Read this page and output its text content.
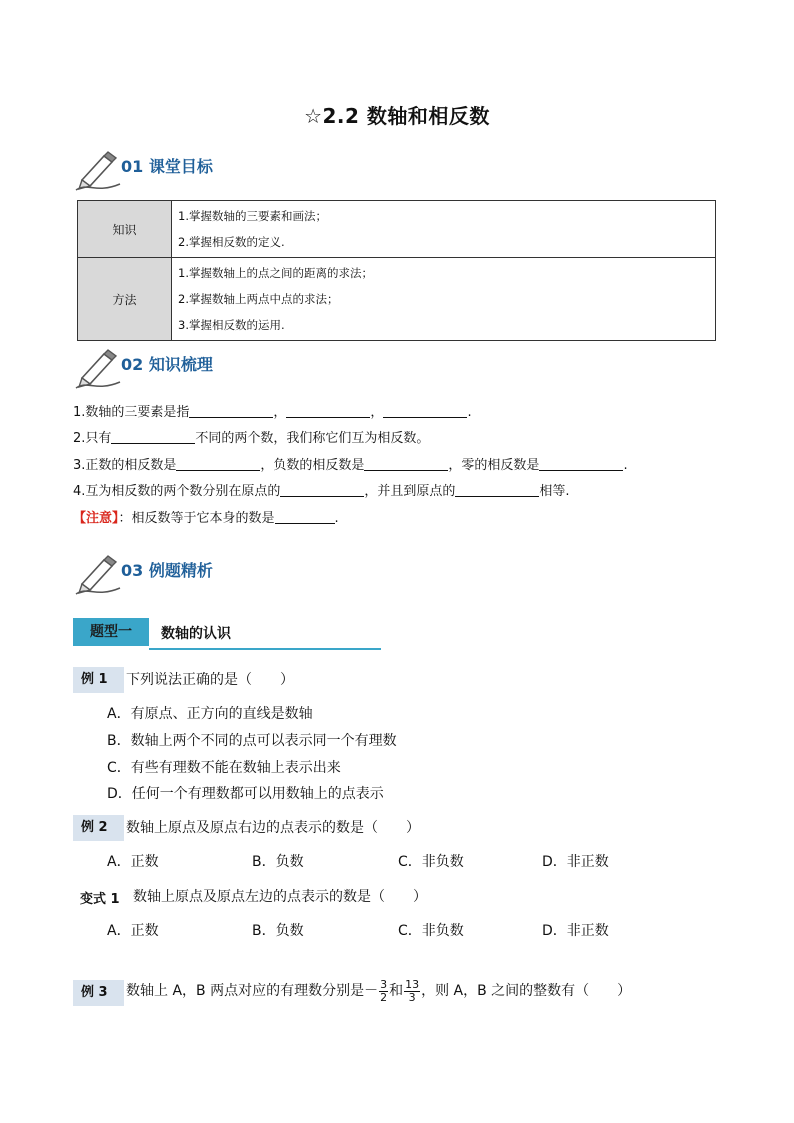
☆2.2 数轴和相反数
01 课堂目标
知识	1.掌握数轴的三要素和画法；
2.掌握相反数的定义.

方法	1.掌握数轴上的点之间的距离的求法；
2.掌握数轴上两点中点的求法；
3.掌握相反数的运用.
02 知识梳理
1.数轴的三要素是指	，	，	.
2.只有	不同的两个数，我们称它们互为相反数。
3.正数的相反数是	，负数的相反数是	，零的相反数是	.
4.互为相反数的两个数分别在原点的	，并且到原点的	相等.
【注意】：相反数等于它本身的数是	.
03 例题精析
题型一	数轴的认识
例 1	下列说法正确的是（　　）
A．有原点、正方向的直线是数轴
B．数轴上两个不同的点可以表示同一个有理数
C．有些有理数不能在数轴上表示出来
D．任何一个有理数都可以用数轴上的点表示
例 2	数轴上原点及原点右边的点表示的数是（　　）
A．正数	B．负数	C．非负数	D．非正数
变式 1 数轴上原点及原点左边的点表示的数是（　　）
A．正数	B．负数	C．非负数	D．非正数
例 3	数轴上 A，B 两点对应的有理数分别是－ $\frac{3}{2}$ 和 $\frac{13}{3}$ ，则 A，B 之间的整数有（　　）
